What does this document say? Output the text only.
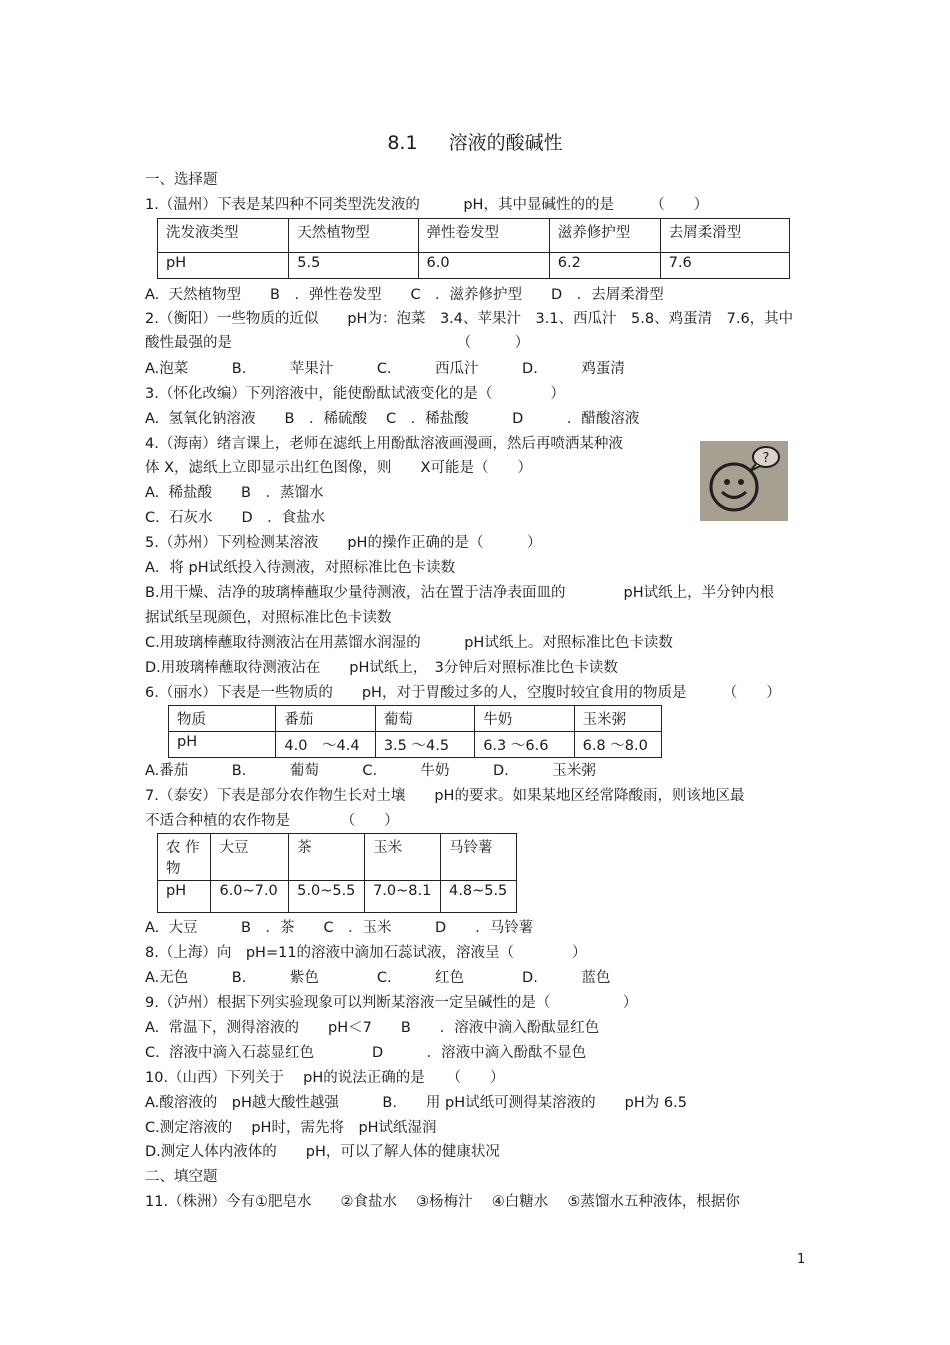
8.1　  溶液的酸碱性
一、选择题
1.（温州）下表是某四种不同类型洗发液的　　　pH，其中显碱性的的是　　　（　　）
洗发液类型	天然植物型	弹性卷发型	滋养修护型	去屑柔滑型
pH	5.5	6.0	6.2	7.6
A.  天然植物型　　B　．弹性卷发型　　C　．滋养修护型　　D　．去屑柔滑型
2.（衡阳）一些物质的近似　　pH为：泡菜　3.4、苹果汁　3.1、西瓜汁　5.8、鸡蛋清　7.6，其中
酸性最强的是　　　　　　　　　　　　　　　　（　　　）
A.泡菜　　　B.　　　苹果汁　　　C.　　　西瓜汁　　　D.　　　鸡蛋清
3.（怀化改编）下列溶液中，能使酚酞试液变化的是（　　　　）
A.  氢氧化钠溶液　　B　．稀硫酸　 C　．稀盐酸　　　D　　　．醋酸溶液
4.（海南）绪言课上，老师在滤纸上用酚酞溶液画漫画，然后再喷洒某种液
体 X，滤纸上立即显示出红色图像，则　　X可能是（　　）
A.  稀盐酸　　B　．蒸馏水
C.  石灰水　　D　．食盐水
?
5.（苏州）下列检测某溶液　　pH的操作正确的是（　　　）
A．将 pH试纸投入待测液，对照标准比色卡读数
B.用干燥、洁净的玻璃棒蘸取少量待测液，沾在置于洁净表面皿的　　　　pH试纸上，半分钟内根
据试纸呈现颜色，对照标准比色卡读数
C.用玻璃棒蘸取待测液沾在用蒸馏水润湿的　　　pH试纸上。对照标准比色卡读数
D.用玻璃棒蘸取待测液沾在　　pH试纸上，　3分钟后对照标准比色卡读数
6.（丽水）下表是一些物质的　　pH，对于胃酸过多的人，空腹时较宜食用的物质是　　　（　　）
物质	番茄	葡萄	牛奶	玉米粥
pH	4.0　～4.4	3.5 ～4.5	6.3 ～6.6	6.8 ～8.0
A.番茄　　　B.　　　葡萄　　　C.　　　牛奶　　　D.　　　玉米粥
7.（泰安）下表是部分农作物生长对土壤　　pH的要求。如果某地区经常降酸雨，则该地区最
不适合种植的农作物是　　　　（　　）
农 作
物	大豆	茶	玉米	马铃薯
pH	6.0~7.0	5.0~5.5	7.0~8.1	4.8~5.5
A.  大豆　　　B　．茶　　C　．玉米　　　D　　．马铃薯
8.（上海）向　pH=11的溶液中滴加石蕊试液，溶液呈（　　　　）
A.无色　　　B.　　　紫色　　　　C.　　　红色　　　　D.　　　蓝色
9.（泸州）根据下列实验现象可以判断某溶液一定呈碱性的是（　　　　　）
A.  常温下，测得溶液的　　pH＜7　　B　　．溶液中滴入酚酞显红色
C.  溶液中滴入石蕊显红色　　　　D　　　．溶液中滴入酚酞不显色
10.（山西）下列关于　 pH的说法正确的是　　（　　）
A.酸溶液的　pH越大酸性越强　　　B.　　用 pH试纸可测得某溶液的　　pH为 6.5
C.测定溶液的　 pH时，需先将　pH试纸湿润
D.测定人体内液体的　　pH，可以了解人体的健康状况
二、填空题
11.（株洲）今有①肥皂水　　②食盐水　 ③杨梅汁　 ④白糖水　 ⑤蒸馏水五种液体，根据你
1
